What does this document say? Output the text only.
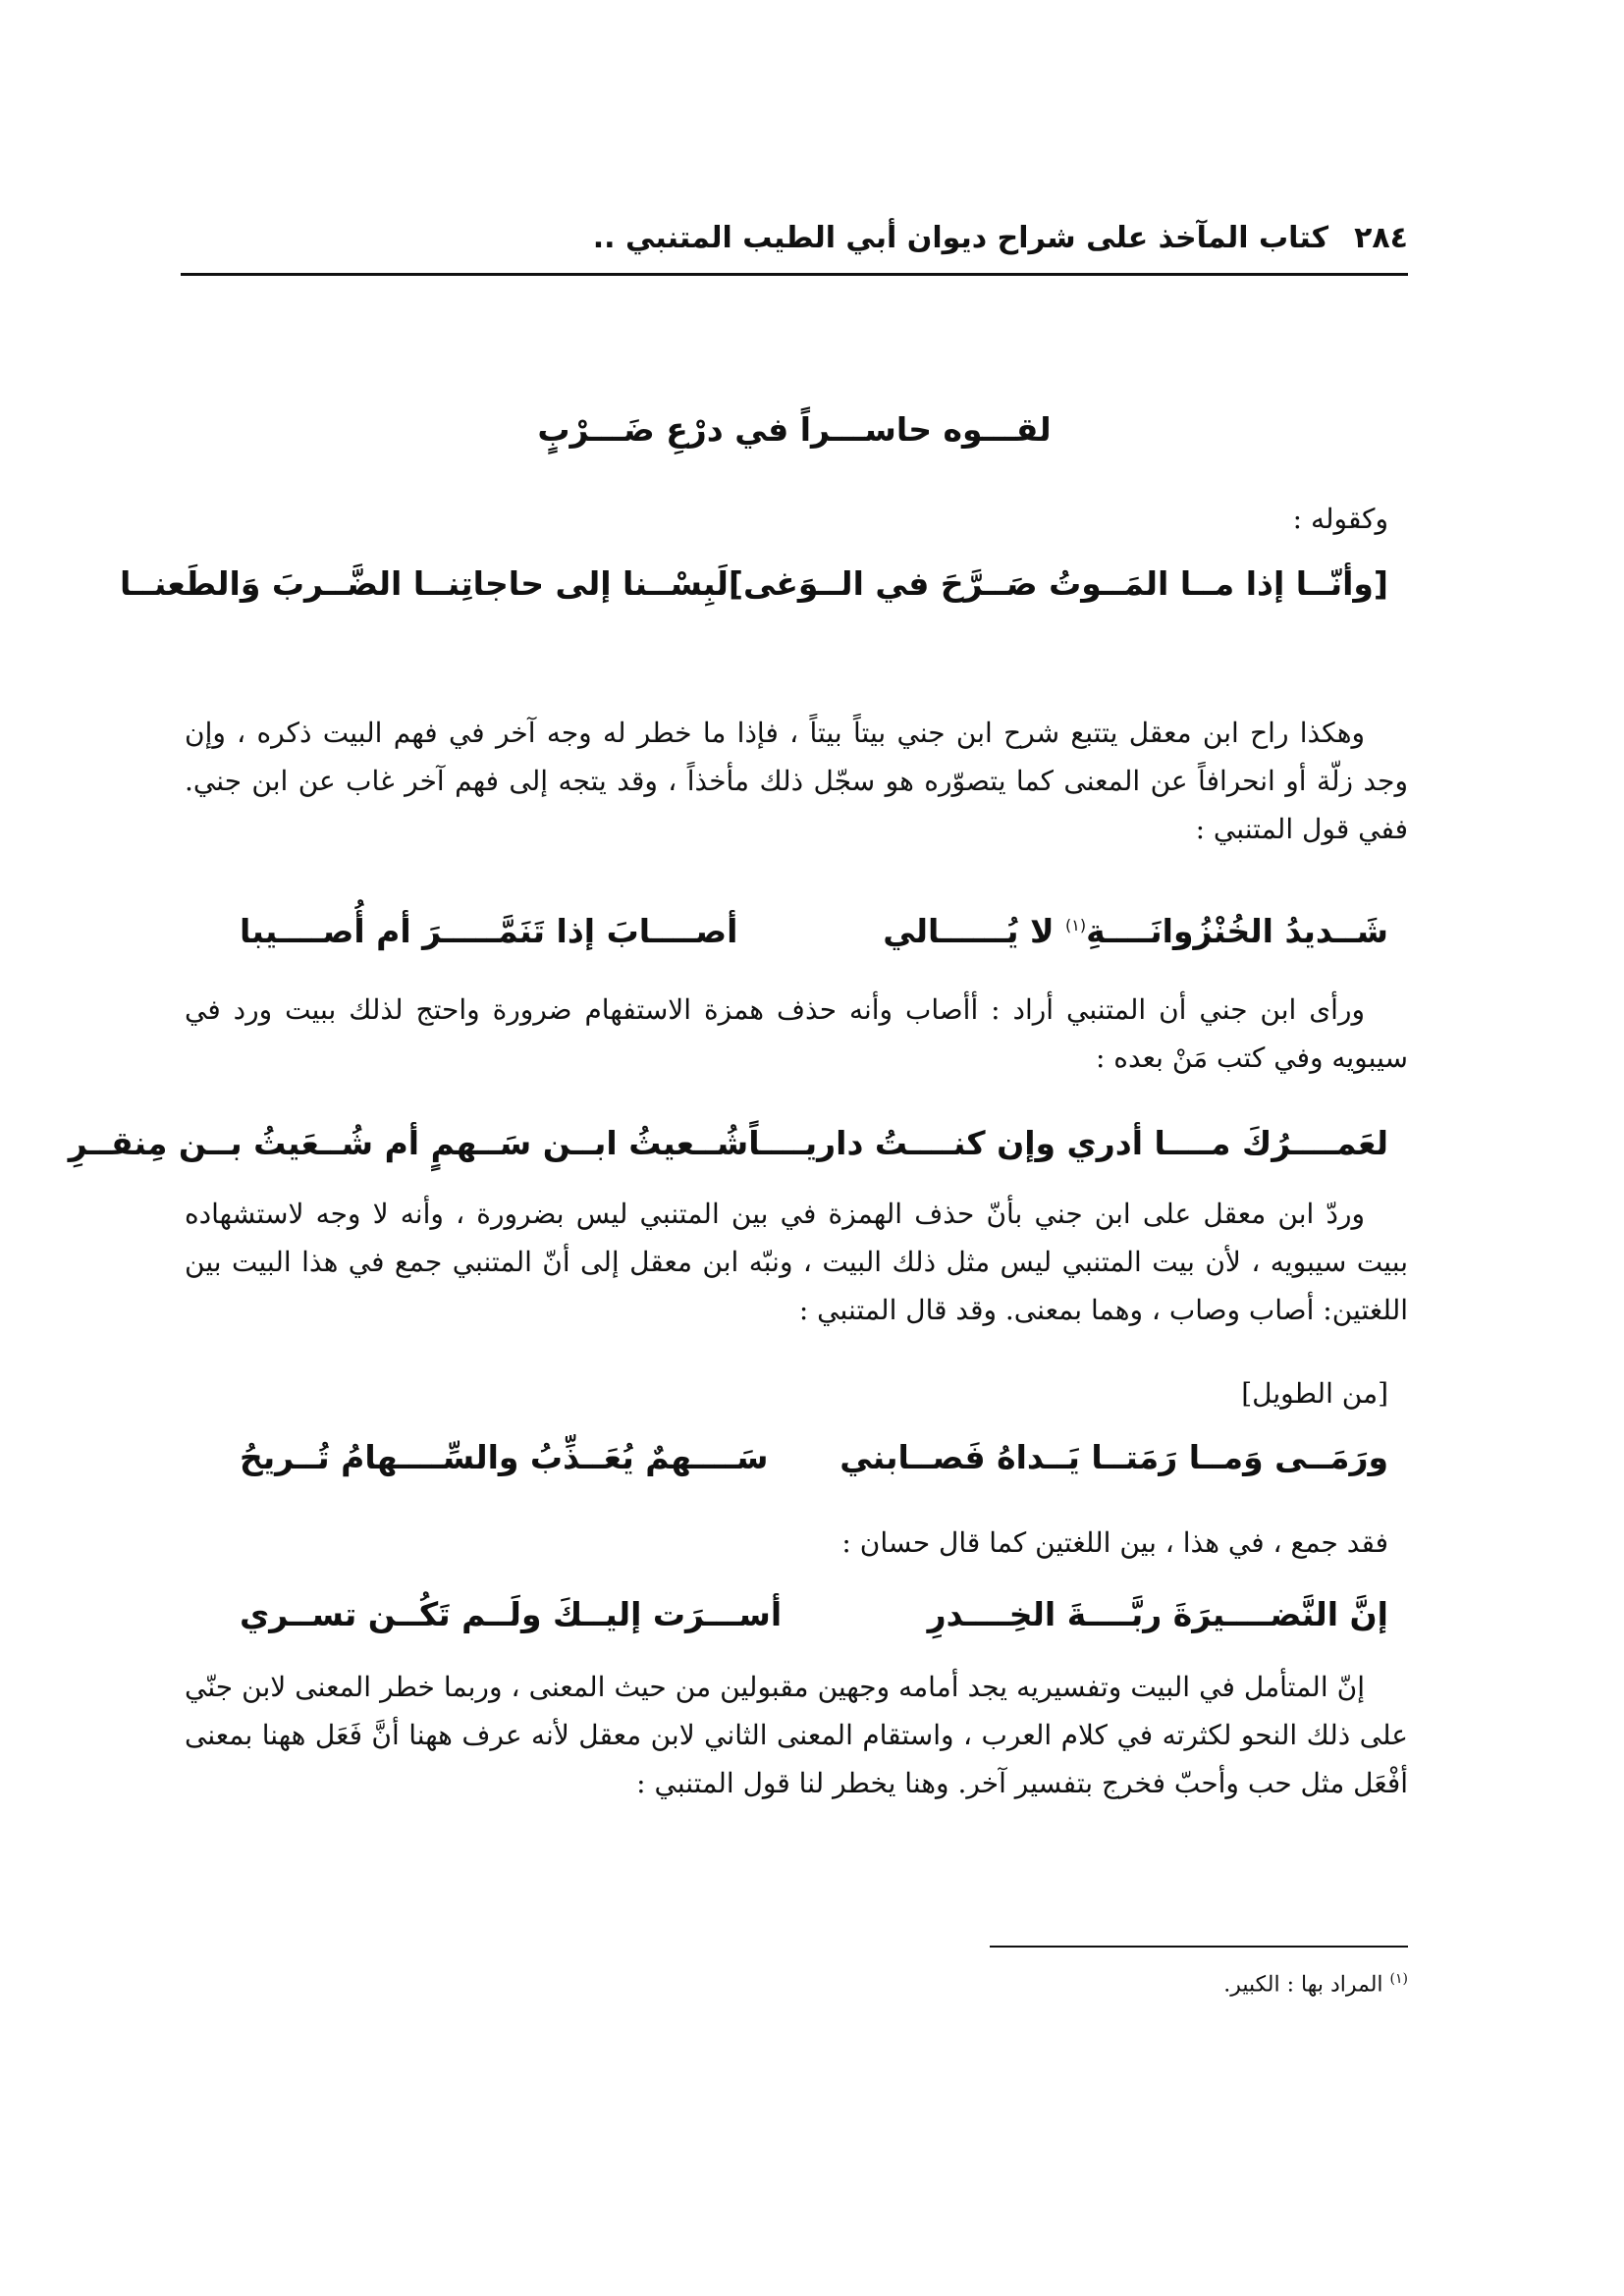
٢٨٤
كتاب المآخذ على شراح ديوان أبي الطيب المتنبي ..
لقـــوه حاســـراً في درْعِ ضَـــرْبٍ
وكقوله :
[وأنّــا إذا مــا المَــوتُ صَــرَّحَ في الــوَغى]
لَبِسْــنا إلى حاجاتِنــا الضَّــربَ وَالطَعنــا
وهكذا راح ابن معقل يتتبع شرح ابن جني بيتاً بيتاً ، فإذا ما خطر له وجه آخر في فهم البيت ذكره ، وإن وجد زلّة أو انحرافاً عن المعنى كما يتصوّره هو سجّل ذلك مأخذاً ، وقد يتجه إلى فهم آخر غاب عن ابن جني. ففي قول المتنبي :
شَــديدُ الخُنْزُوانَــــةِ$^{(١)}$ لا يُــــــالي
أصــــابَ إذا تَنَمَّـــــرَ أم أُصــــيبا
ورأى ابن جني أن المتنبي أراد : أأصاب وأنه حذف همزة الاستفهام ضرورة واحتج لذلك ببيت ورد في سيبويه وفي كتب مَنْ بعده :
لعَمــــرُكَ مــــا أدري وإن كنــــتُ داريــــاً
شُــعيثُ ابــن سَــهمٍ أم شُــعَيثُ بــن مِنقــرِ
وردّ ابن معقل على ابن جني بأنّ حذف الهمزة في بين المتنبي ليس بضرورة ، وأنه لا وجه لاستشهاده ببيت سيبويه ، لأن بيت المتنبي ليس مثل ذلك البيت ، ونبّه ابن معقل إلى أنّ المتنبي جمع في هذا البيت بين اللغتين: أصاب وصاب ، وهما بمعنى. وقد قال المتنبي :
[من الطويل]
ورَمَــى وَمــا رَمَتــا يَــداهُ فَصــابني
سَــــهمٌ يُعَــذِّبُ والسِّــــهامُ تُــريحُ
فقد جمع ، في هذا ، بين اللغتين كما قال حسان :
إنَّ النَّضــــيرَةَ ربَّــــةَ الخِــــدرِ
أســـرَت إليــكَ ولَــم تَكُــن تســري
إنّ المتأمل في البيت وتفسيريه يجد أمامه وجهين مقبولين من حيث المعنى ، وربما خطر المعنى لابن جنّي على ذلك النحو لكثرته في كلام العرب ، واستقام المعنى الثاني لابن معقل لأنه عرف ههنا أنَّ فَعَل ههنا بمعنى أفْعَل مثل حب وأحبّ فخرج بتفسير آخر. وهنا يخطر لنا قول المتنبي :
$^{(١)}$ المراد بها : الكبير.
